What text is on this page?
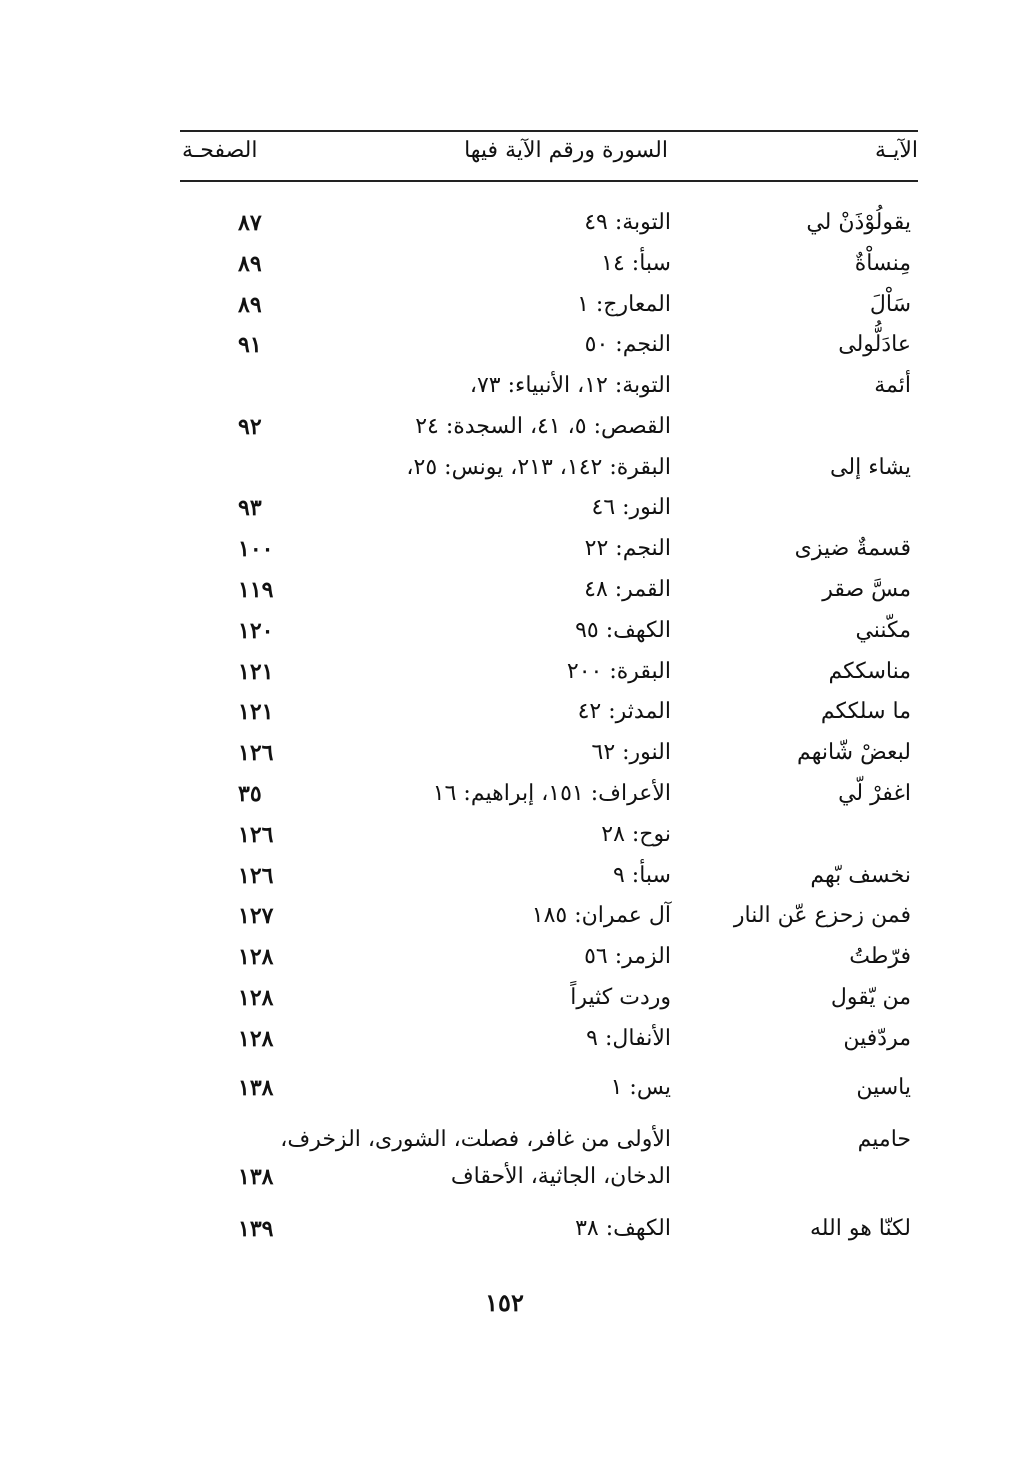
الآيـة
السورة ورقم الآية فيها
الصفحـة
يقولُوْذَنْ لي
التوبة: ٤٩
٨٧
مِنساْةٌ
سبأ: ١٤
٨٩
سَاْلَ
المعارج: ١
٨٩
عادَلُّولى
النجم: ٥٠
٩١
أئمة
التوبة: ١٢، الأنبياء: ٧٣،
القصص: ٥، ٤١، السجدة: ٢٤
٩٢
يشاء إلى
البقرة: ١٤٢، ٢١٣، يونس: ٢٥،
النور: ٤٦
٩٣
قسمةٌ ضيزى
النجم: ٢٢
١٠٠
مسَّ صقر
القمر: ٤٨
١١٩
مكّنني
الكهف: ٩٥
١٢٠
مناسككم
البقرة: ٢٠٠
١٢١
ما سلككم
المدثر: ٤٢
١٢١
لبعضْ شّانهم
النور: ٦٢
١٢٦
اغفرْ لّي
الأعراف: ١٥١، إبراهيم: ١٦
٣٥
نوح: ٢٨
١٢٦
نخسف بّهم
سبأ: ٩
١٢٦
فمن زحزع عّن النار
آل عمران: ١٨٥
١٢٧
فرّطتُ
الزمر: ٥٦
١٢٨
من يّقول
وردت كثيراً
١٢٨
مردّفين
الأنفال: ٩
١٢٨
ياسين
يس: ١
١٣٨
حاميم
الأولى من غافر، فصلت، الشورى، الزخرف،
الدخان، الجاثية، الأحقاف
١٣٨
لكنّا هو الله
الكهف: ٣٨
١٣٩
١٥٢
